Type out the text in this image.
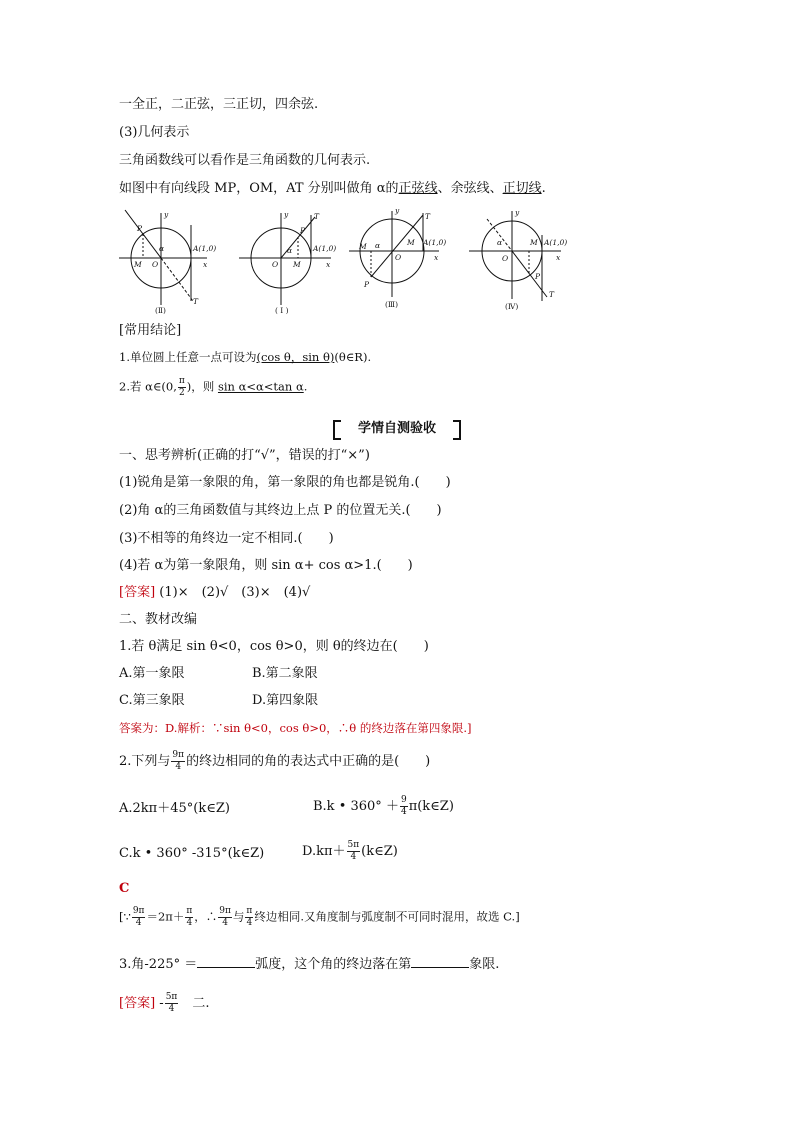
一全正，二正弦，三正切，四余弦.
(3)几何表示
三角函数线可以看作是三角函数的几何表示.
如图中有向线段 MP，OM，AT 分别叫做角 α的正弦线、余弦线、正切线.
y
x
P
α
M O
A(1,0)
T
(Ⅱ)
y
x
T
P
α
O M
A(1,0)
( I )
y
x
T
M α
O
M A(1,0)
P
(Ⅲ)
y
x
α
O
M A(1,0)
P
T
(Ⅳ)
[常用结论]
1.单位圆上任意一点可设为(cos θ，sin θ)(θ∈R).
2.若 α∈(0, $\frac{\pi}{2}$ )，则 sin α<α<tan α.
学情自测验收
一、思考辨析(正确的打“√”，错误的打“×”)
(1)锐角是第一象限的角，第一象限的角也都是锐角.(　　)
(2)角 α的三角函数值与其终边上点 P 的位置无关.(　　)
(3)不相等的角终边一定不相同.(　　)
(4)若 α为第一象限角，则 sin α+ cos α>1.(　　)
[答案] (1)×　(2)√　(3)×　(4)√
二、教材改编
1.若 θ满足 sin θ<0，cos θ>0，则 θ的终边在(　　)
A.第一象限	B.第二象限
C.第三象限	D.第四象限
答案为：D.解析：∵sin θ<0，cos θ>0，∴θ 的终边落在第四象限.]
2.下列与 $\frac{9\pi}{4}$ 的终边相同的角的表达式中正确的是(　　)
A.2kπ＋45°(k∈Z)	B.k • $360^\circ + \frac{9}{4}$ π(k∈Z)
C.k • 360° -315°(k∈Z)	$D.k\pi+ \frac{5\pi}{4}$ (k∈Z)
C
[∵ $\frac{9\pi}{4} =2\pi+ \frac{\pi}{4}$ ，∴ $\frac{9\pi}{4}$ 与 $\frac{\pi}{4}$ 终边相同.又角度制与弧度制不可同时混用，故选 C.]
3.角-225° ＝	弧度，这个角的终边落在第	象限.
[答案] - $\frac{5\pi}{4}$ 　二.
